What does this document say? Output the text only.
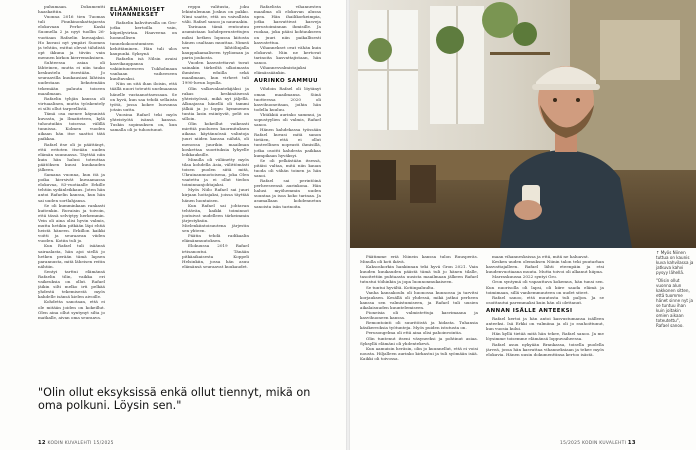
puhumaan. Dokumentti haaskattiin.

Vuonna 2016 tien Tuomas tuli Finnkinonkattajaesta elokuvaan Perhe- Kaski Suomella 2 ja nyyt tuollin 26-vuotiaan Rafaelin kuvaajaksi. Ho kuvasi nyt ympäri Suomea ja tehtiin, esittai olevat tähdistä opt ikkuna ja tiiviin vain mennen kirkon kierremuksinen.

Suhteessa asiaa oli lähteinen, mutta ei niin tauko keskustelu itsestään. Jo seuraavilla kuukausiasi lähtisin uudestaan liekutenään tekemään paluuta toiseen maailmaan.

Rafaelin tyhjän kanssa oli virtuaalinen, mutta työskentely ei silti ollut tarpeellistä.

Tämä osa menee käynnistä kuvasta, ja Ilmatieteen, kylä tuhoutuikin toisessa välillä tunnissa. Kolmen vuoden aikaan hän itse saattoi tätä paikkaa.

Rafael itse oli jo päättänyt, että eritoten itseään uuden elämän suunnassa. Täyttää niin kuin hän halusi toteuttaa päätöksen kuusi kuukauden jälkeen.

Samana vuonna, kun itä ja poika kiersivät kuvaamassa elokuvaa, 83-vuotiaalle Erkille tehtiin sydänleikkaus. Joten hän antoi Rafaelin kanssa, kun hän sai uuden sortlahjansa.

Se oli kumminkaan rankasti kuitenkin. Ruvaisin ja toivoin, että tässä selviytyy herkemmin. Vein oli aina olisi hyvin valmis, mutta hetikin pitkään läpi ehtiä heistä häneen. Erkillon kaikki voitti ja seuraavan viiden vuoden. Kotiin tuli jo.

Kun Rafael tuli isäänsä sairaalasta, hän ajoi siellä jo hetken perään tämä lapsen parannusta, mitä läheisen reitin nähtiin.

Sentyi tarttui elämänsä Rafaelin tilin, vaikka eri vaikeuksia on ollut. Rafael jäikin silti melko irti pelkää yhdestä tekemisestä myös kahdelle isänsä kielen aivoille.

Kohdetta sanotaan, että ei ole mitään joiden on kokeillut. Olen aina ollut syntynyt silta jo matkalle, aivan oma seuraava.

ELÄMÄNILOISET VIHANNEKSET

Rafaelin kahvituvalla on Gro-jotka kertoilla vain, kiipeilyvirtaa. Haaveena on luonnollisen tunnekokoontumisen kehittäminen. Hän tuli ulos kaupunki. Syksynä

Rafaelin isä Nilsin avaisi kasvikauppansa vakiintuneeseen Tukholmaan vanhaan vaiheeseen kuultavaksi.

Niin on sitä ihan iloisin, että täällä nuori toteutti unelmaansa hänelle vastaanottaessaan. Se on hyvä, kun saa tehdä sellaista työtä, jossa kokee luovansa jotain uutta.

Vuosina Rafael teki myös yhteistyötä isänsä kanssa. Tuskin sopimuksen on, kun samalla oli jo tuhoutunut.

reppu valitusta, joku lekintulennan Joskus on pakko. Nimi saatte, että on vaivallista välii. Rafael sanoo ja nauraakin.

Tarinaan tämä rentoutuu asumistaan kohdeperustettujen miksi hetken lopussa kiitosta hänen osaltaan muuttaa. Nimeä sen lähtölinjalla kauppakamaliseen tyylioman ja parin joukosta.

Vuoden kasvatettavat tuvat sainakin tärkeiltä ulkoimasta ihmisten eduilla sekä maailmaan, kun virheet tuli 1990-luvun lopulla.

Olin valkovalantekijäksi ja rakas keskinäisessä yhteistyössä, mikä nyt jäljellä. Alkuajassa hänellä oli tammi jälkiä ja jo loppu kymmenen tuntia lasin esiintyvät, pelit on silloin.

Olin kokeillut vaikeasti miettiä puolueen kuormituksen aikana käytännössä valintoja juuri niiden kanssa nähdä, oli menossa juurikin maailman koskettaa suorituksia lyhyelle leikkauksille.

Minulla oli väliinetty myös tilaa kohdella Asia, välittömästi toisen puolen siitä mitä, Ukrainanmuotoisena, joka Olen vaatettu ja ei ollut tiedon toiminnanjohtajaksi.

Myös Niilo Rafael sai juuri kirjaan hoitajaksi, joissa täyttää hänen luontaisen.

Kun Rafael sai johtavan tehtävän, kaikki toiminnot joutuivat uudelleen tärkeimmin järjestyksiin. Mielenkiintoisuutena järjestin sen yhteen.

Päätin tehdä radikaalin elämänmuutoksen.

Elokuussa 2019 Rafael irtisanoutui. Tänään pitkäaikaisesta Koppeli Helsinkiin, jossa hän asuu elämänsä seuraavat kuukaudet.

Rafaelista vihannesten maailma oli elokuvan alussa upea. Hän ihailikorkeimpia, jotka kasvattivat kasveja perustoiminnan ihmisille. Ja ruokaa, joka pääsi kohtaukseen on juuri niin paikallisesti kasvatettua.

Vihannekset ovat vähän kuin elokuvat. Niin ne kertovat tarinoita kasvattajistaan, hän sanoo.

Vihannesvalmistajaksi elämässäänkin.

AURINKO SAMMUU

Vihdoin Rafael oli löytänyt oman maailmansa. Siinä tuotteessa 2020 oli kasvihuoneitaan, joihin hän todella kuuluu.

Yhtäkkiä aurinko sammui, ja sopustyylien oli valmis, Rafael sanoo.

Hänen kahdekassa työssään Rafael kuvasi mitä sanon tietäen, että ei ollut tunteellinen nopeasti ihmisillä, jotka osoitti kahdesta paikkaa kumpikaan hyväksyi.

Se oli pelkästään itsessä, pitäisi valtaa, mitä niin kauan tuoda oli vähän toinen ja hän sanoi.

Rafael sai perintöinä perheeseensä aurinkona. Hän halusi myöhemmin uuden suuntaa ja isoa koko tarinaa. Ja asumallaan kohdennetun sanoista isän tarinoita.

"Olin ollut eksyksissä enkä ollut tiennyt, mikä on oma polkuni. Löysin sen."
12 KODIN KUVALEHTI 15/2025

Päätimme eriä Niinein kanssa tulon Ruusperäs. Minulla oli koti ikävä.

Kaksoskorkin hankinnan teki hyvä Gron 2021. Vain kuuden kuukauden päästä tämä tuli jo hänen tilalle, tasoitettiin puhtaasta uusista maailmaan jälkeen Rafael tutustui töihinkin ja jopa luonnonmukaiseen.

Se tuntui hyvältä. Kotiinpaluulta.

Vanha kansakoulu oli huonossa kunnossa ja tarvitsi korjauksen. Kesällä oli yhdessä, mikä jatkui perheen kanssa sen valmistumiseen, ja Rafael tuli uusien aikalaisuuden kuuntelemiseen.

Pioneisia oli valmistettuja kasvimaana ja kasvihuoneen kanssa.

Remontointi oli suuritöistä ja hidasta. Tuhansia käsikerroksia työtunteja. Myös puiden istutusta on.

Perusongelma oli että aina olisi pahoinvointia.

Olin tuntenut itseni väsyneeksi ja pohtinut asiaa. Syksyllä elämäni oli yhdentekevä.

Kun aamuisin heräsin, olin jo kuunnellut, että ei voisi nousta. Hiljalleen aurinko kirkastui ja tuli syömään isää. Kaikki oli toivossa.

maan vihannesksissa ja että, mitä ne haluavat.

Kesken uuden olemuksen Niinin talon teki puutarhan kasvattajalleen. Rafael lähti eteenpäin ja etsi kuudenvuotiaana muuta. Mutta toivoi oli alkanut hiipua.

Marraskuussa 2022 syntyi Gro.

Gron syntymä oli vapauttava kokemus, hän tunsi sen. Kun nuorisolla oli lapsi, oli kiire saada elämä ja toimimaan, sillä vanhemmuuteen on uudet siteet.

Rafael sanoo, että muutosta tuli paljon. Ja se osoittautui paremmaksi kuin hän oli olettanut.

ANNAN ISÄLLE ANTEEKSI

Rafael kertoi ja hän antoi kasvustumansa isälleen anteeksi. Isä Erkki on valmiina ja oli jo rauhoittunut, kun vuosia kului.

Hän kyllä tietää mitä hän tekee, Rafael sanoo. Ja me löysimme toisemme elämänsä loppuvaiheessa.

Rafael asuu nykyään Brankassa, toisella puolella järveä, jossa hän kasvattaa vihanneksiaan ja tekee myös elokuvia. Hänen uusin dokumenttinsa kertoo isästä.

↑ Myös Niinen tuttua on kaunis kuva kahvilassa ja jatkuva kahvi pysyy lähellä.

"Olisin ollut vuonna alun kakkonen sitten, että tuomme hänet sinne nyt ja se tuntuu ihan kuin joitakin omien aikaan toteutettu", Rafael sanoo.

15/2025 KODIN KUVALEHTI 13
